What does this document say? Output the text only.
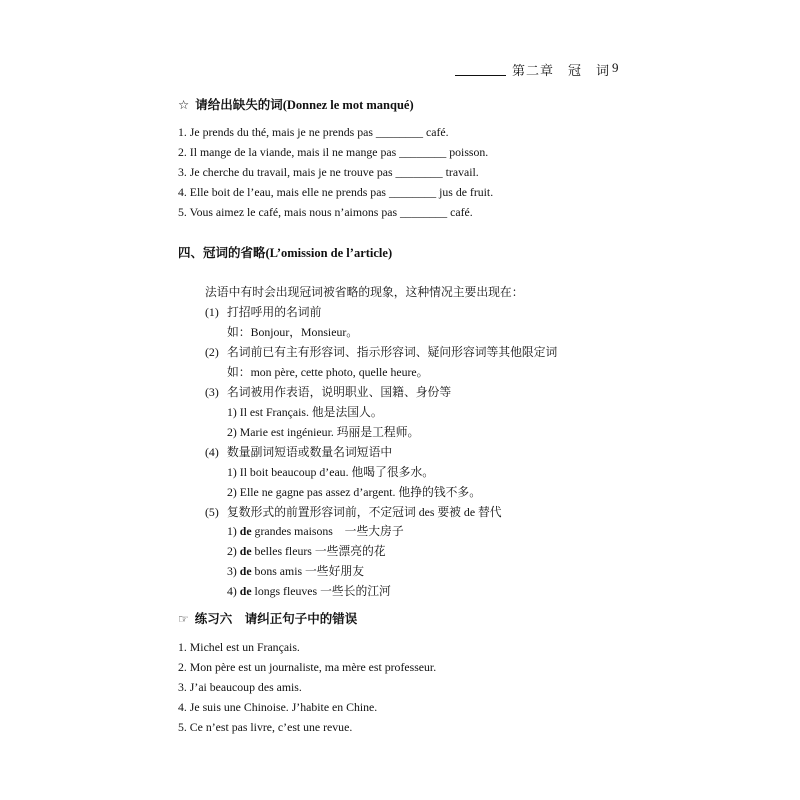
第二章　冠　词 9
☆ 请给出缺失的词(Donnez le mot manqué)
1. Je prends du thé, mais je ne prends pas ________ café.
2. Il mange de la viande, mais il ne mange pas ________ poisson.
3. Je cherche du travail, mais je ne trouve pas ________ travail.
4. Elle boit de l’eau, mais elle ne prends pas ________ jus de fruit.
5. Vous aimez le café, mais nous n’aimons pas ________ café.
四、冠词的省略(L’omission de l’article)
法语中有时会出现冠词被省略的现象，这种情况主要出现在：
(1) 打招呼用的名词前
如：Bonjour，Monsieur。
(2) 名词前已有主有形容词、指示形容词、疑问形容词等其他限定词
如：mon père, cette photo, quelle heure。
(3) 名词被用作表语，说明职业、国籍、身份等
1) Il est Français. 他是法国人。
2) Marie est ingénieur. 玛丽是工程师。
(4) 数量副词短语或数量名词短语中
1) Il boit beaucoup d’eau. 他喝了很多水。
2) Elle ne gagne pas assez d’argent. 他挣的钱不多。
(5) 复数形式的前置形容词前，不定冠词 des 要被 de 替代
1) de grandes maisons　一些大房子
2) de belles fleurs 一些漂亮的花
3) de bons amis 一些好朋友
4) de longs fleuves 一些长的江河
☞ 练习六　请纠正句子中的错误
1. Michel est un Français.
2. Mon père est un journaliste, ma mère est professeur.
3. J’ai beaucoup des amis.
4. Je suis une Chinoise. J’habite en Chine.
5. Ce n’est pas livre, c’est une revue.
